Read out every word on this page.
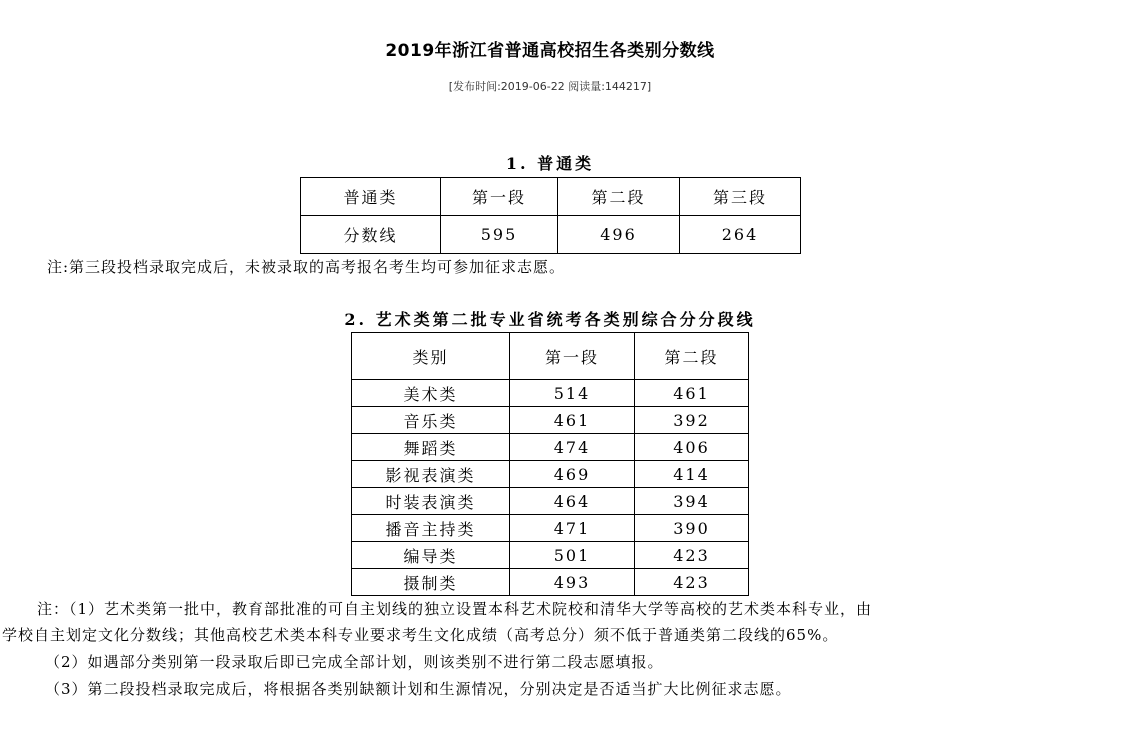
2019年浙江省普通高校招生各类别分数线
[发布时间:2019-06-22 阅读量:144217]
1. 普通类
普通类	第一段	第二段	第三段
分数线	595	496	264
注:第三段投档录取完成后，未被录取的高考报名考生均可参加征求志愿。
2. 艺术类第二批专业省统考各类别综合分分段线
类别	第一段	第二段
美术类	514	461
音乐类	461	392
舞蹈类	474	406
影视表演类	469	414
时装表演类	464	394
播音主持类	471	390
编导类	501	423
摄制类	493	423
注：（1）艺术类第一批中，教育部批准的可自主划线的独立设置本科艺术院校和清华大学等高校的艺术类本科专业，由
学校自主划定文化分数线；其他高校艺术类本科专业要求考生文化成绩（高考总分）须不低于普通类第二段线的65%。
（2）如遇部分类别第一段录取后即已完成全部计划，则该类别不进行第二段志愿填报。
（3）第二段投档录取完成后，将根据各类别缺额计划和生源情况，分别决定是否适当扩大比例征求志愿。
